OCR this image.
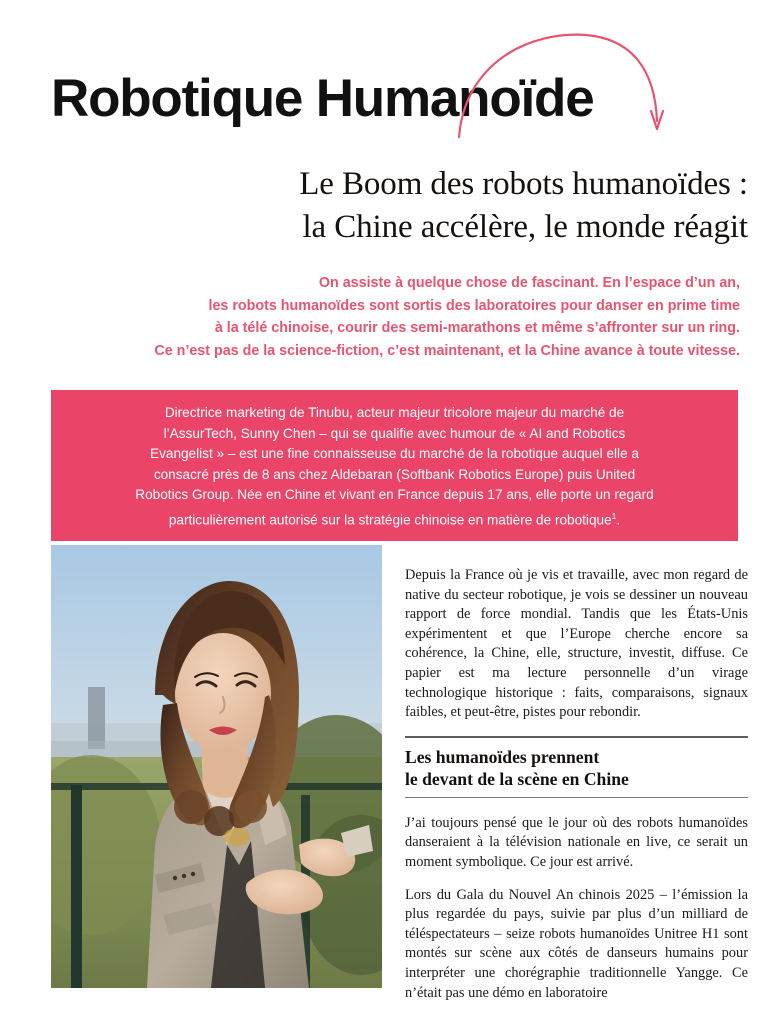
Robotique Humanoïde
Le Boom des robots humanoïdes :
la Chine accélère, le monde réagit
On assiste à quelque chose de fascinant. En l’espace d’un an,
les robots humanoïdes sont sortis des laboratoires pour danser en prime time
à la télé chinoise, courir des semi-marathons et même s’affronter sur un ring.
Ce n’est pas de la science-fiction, c’est maintenant, et la Chine avance à toute vitesse.
Directrice marketing de Tinubu, acteur majeur tricolore majeur du marché de
l’AssurTech, Sunny Chen – qui se qualifie avec humour de « AI and Robotics
Evangelist » – est une fine connaisseuse du marché de la robotique auquel elle a
consacré près de 8 ans chez Aldebaran (Softbank Robotics Europe) puis United
Robotics Group. Née en Chine et vivant en France depuis 17 ans, elle porte un regard
particulièrement autorisé sur la stratégie chinoise en matière de robotique$^1$.

Depuis la France où je vis et travaille, avec mon regard de native du secteur robotique, je vois se dessiner un nouveau rapport de force mondial. Tandis que les États-Unis expérimentent et que l’Europe cherche encore sa cohérence, la Chine, elle, structure, investit, diffuse. Ce papier est ma lecture personnelle d’un virage technologique historique : faits, comparaisons, signaux faibles, et peut-être, pistes pour rebondir.

Les humanoïdes prennent
le devant de la scène en Chine

J’ai toujours pensé que le jour où des robots humanoïdes danseraient à la télévision nationale en live, ce serait un moment symbolique. Ce jour est arrivé.

Lors du Gala du Nouvel An chinois 2025 – l’émission la plus regardée du pays, suivie par plus d’un milliard de téléspectateurs – seize robots humanoïdes Unitree H1 sont montés sur scène aux côtés de danseurs humains pour interpréter une chorégraphie traditionnelle Yangge. Ce n’était pas une démo en laboratoire
